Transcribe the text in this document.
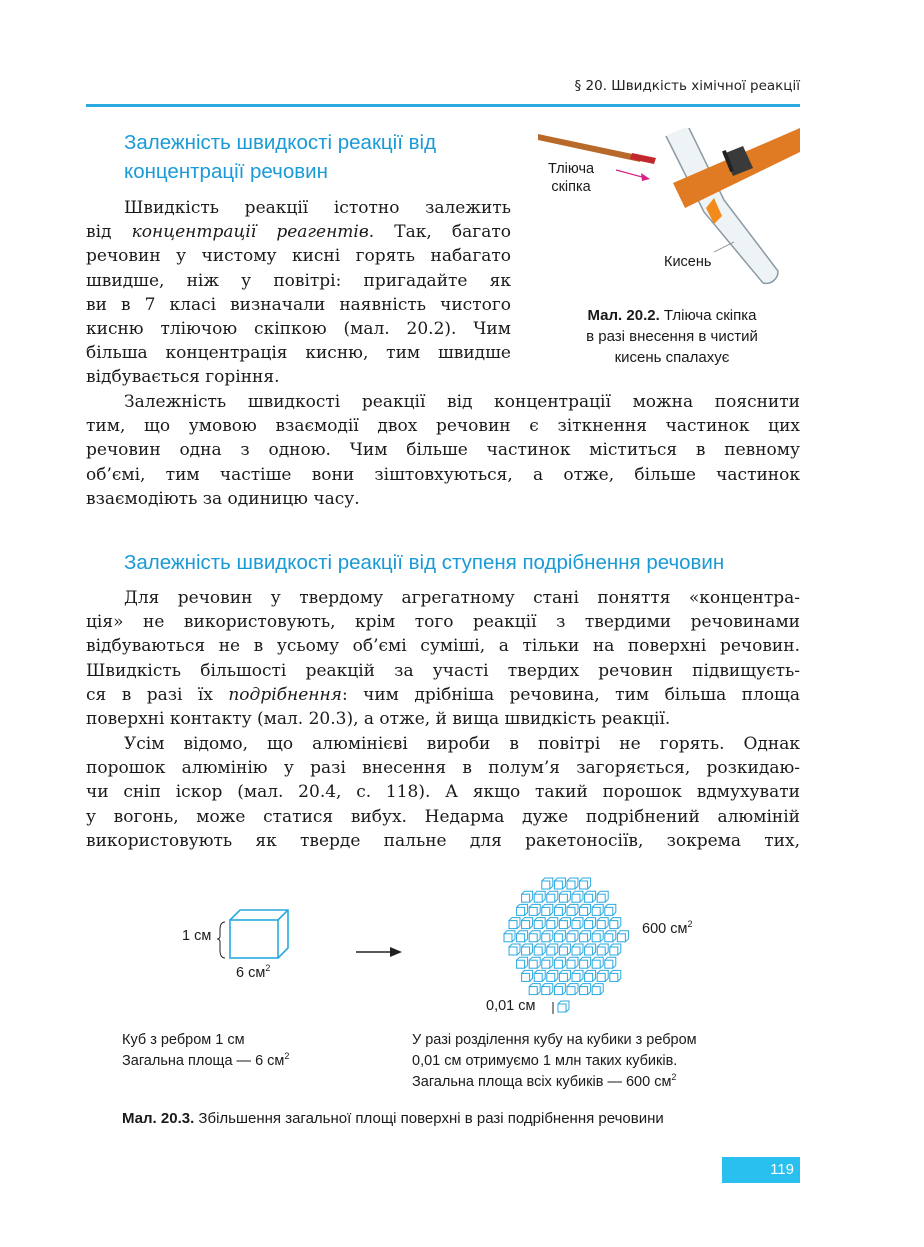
§ 20. Швидкість хімічної реакції
Залежність швидкості реакції від
концентрації речовин
Швидкість реакції істотно залежить
від концентрації реагентів. Так, багато
речовин у чистому кисні горять набагато
швидше, ніж у повітрі: пригадайте як
ви в 7 класі визначали наявність чистого
кисню тліючою скіпкою (мал. 20.2). Чим
більша концентрація кисню, тим швидше
відбувається горіння.
Тліюча
скіпка
Кисень
Мал. 20.2. Тліюча скіпка
в разі внесення в чистий
кисень спалахує
Залежність швидкості реакції від концентрації можна пояснити
тим, що умовою взаємодії двох речовин є зіткнення частинок цих
речовин одна з одною. Чим більше частинок міститься в певному
об’ємі, тим частіше вони зіштовхуються, а отже, більше частинок
взаємодіють за одиницю часу.
Залежність швидкості реакції від ступеня подрібнення речовин
Для речовин у твердому агрегатному стані поняття «концентра-
ція» не використовують, крім того реакції з твердими речовинами
відбуваються не в усьому об’ємі суміші, а тільки на поверхні речовин.
Швидкість більшості реакцій за участі твердих речовин підвищуєть-
ся в разі їх подрібнення: чим дрібніша речовина, тим більша площа
поверхні контакту (мал. 20.3), а отже, й вища швидкість реакції.
Усім відомо, що алюмінієві вироби в повітрі не горять. Однак
порошок алюмінію у разі внесення в полум’я загоряється, розкидаю-
чи сніп іскор (мал. 20.4, с. 118). А якщо такий порошок вдмухувати
у вогонь, може статися вибух. Недарма дуже подрібнений алюміній
використовують як тверде пальне для ракетоносіїв, зокрема тих,
1 см
6 $см^2$
600 $см^2$
0,01 см
Куб з ребром 1 см
Загальна площа — 6 $см^2$
У разі розділення кубу на кубики з ребром
0,01 см отримуємо 1 млн таких кубиків.
Загальна площа всіх кубиків — 600 $см^2$
Мал. 20.3. Збільшення загальної площі поверхні в разі подрібнення речовини
119
